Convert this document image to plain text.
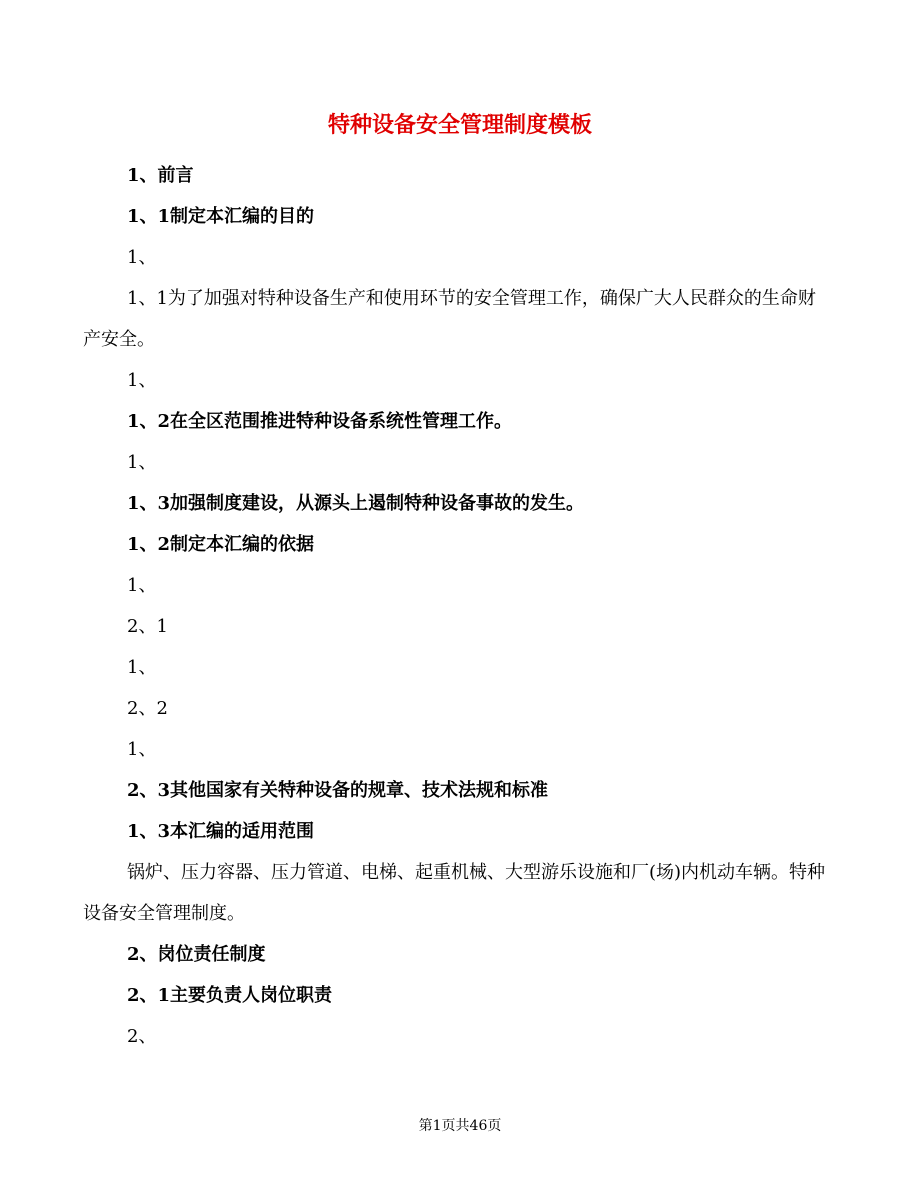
特种设备安全管理制度模板

1、前言

1、1制定本汇编的目的

1、

1、1为了加强对特种设备生产和使用环节的安全管理工作，确保广大人民群众的生命财产安全。

1、

1、2在全区范围推进特种设备系统性管理工作。

1、

1、3加强制度建设，从源头上遏制特种设备事故的发生。

1、2制定本汇编的依据

1、

2、1

1、

2、2

1、

2、3其他国家有关特种设备的规章、技术法规和标准

1、3本汇编的适用范围

锅炉、压力容器、压力管道、电梯、起重机械、大型游乐设施和厂(场)内机动车辆。特种设备安全管理制度。

2、岗位责任制度

2、1主要负责人岗位职责

2、

第1页共46页
